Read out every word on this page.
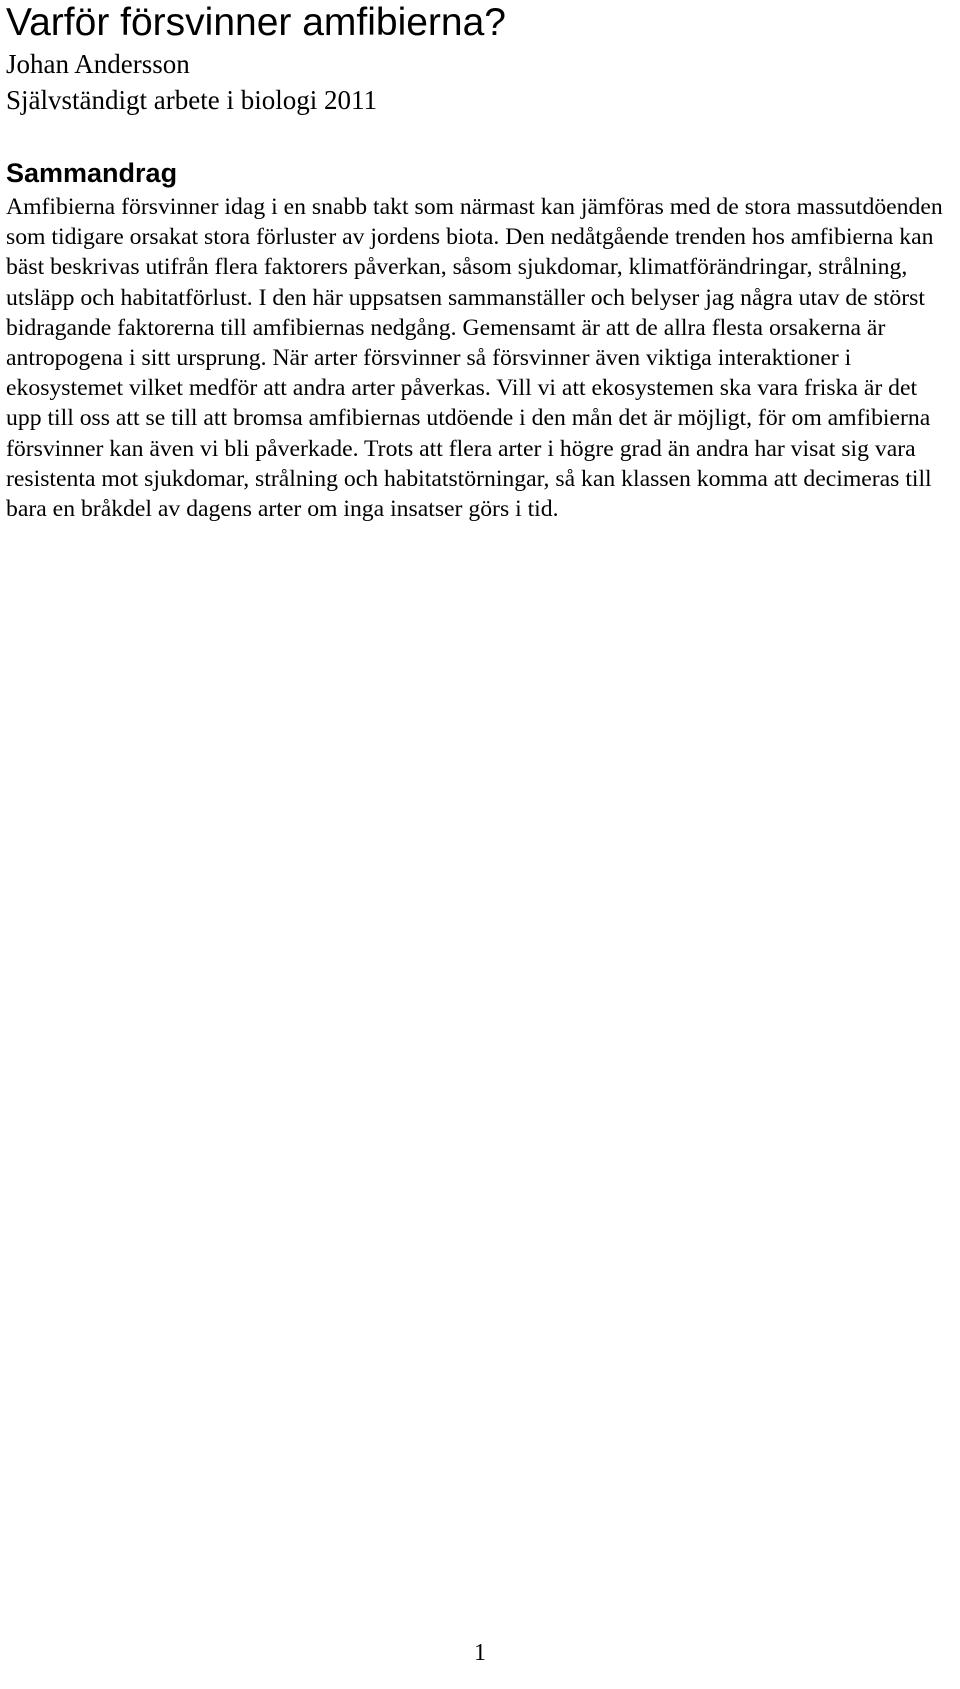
Varför försvinner amfibierna?

Johan Andersson

Självständigt arbete i biologi 2011

Sammandrag

Amfibierna försvinner idag i en snabb takt som närmast kan jämföras med de stora massutdöenden som tidigare orsakat stora förluster av jordens biota. Den nedåtgående trenden hos amfibierna kan bäst beskrivas utifrån flera faktorers påverkan, såsom sjukdomar, klimatförändringar, strålning, utsläpp och habitatförlust. I den här uppsatsen sammanställer och belyser jag några utav de störst bidragande faktorerna till amfibiernas nedgång. Gemensamt är att de allra flesta orsakerna är antropogena i sitt ursprung. När arter försvinner så försvinner även viktiga interaktioner i ekosystemet vilket medför att andra arter påverkas. Vill vi att ekosystemen ska vara friska är det upp till oss att se till att bromsa amfibiernas utdöende i den mån det är möjligt, för om amfibierna försvinner kan även vi bli påverkade. Trots att flera arter i högre grad än andra har visat sig vara resistenta mot sjukdomar, strålning och habitatstörningar, så kan klassen komma att decimeras till bara en bråkdel av dagens arter om inga insatser görs i tid.

1
